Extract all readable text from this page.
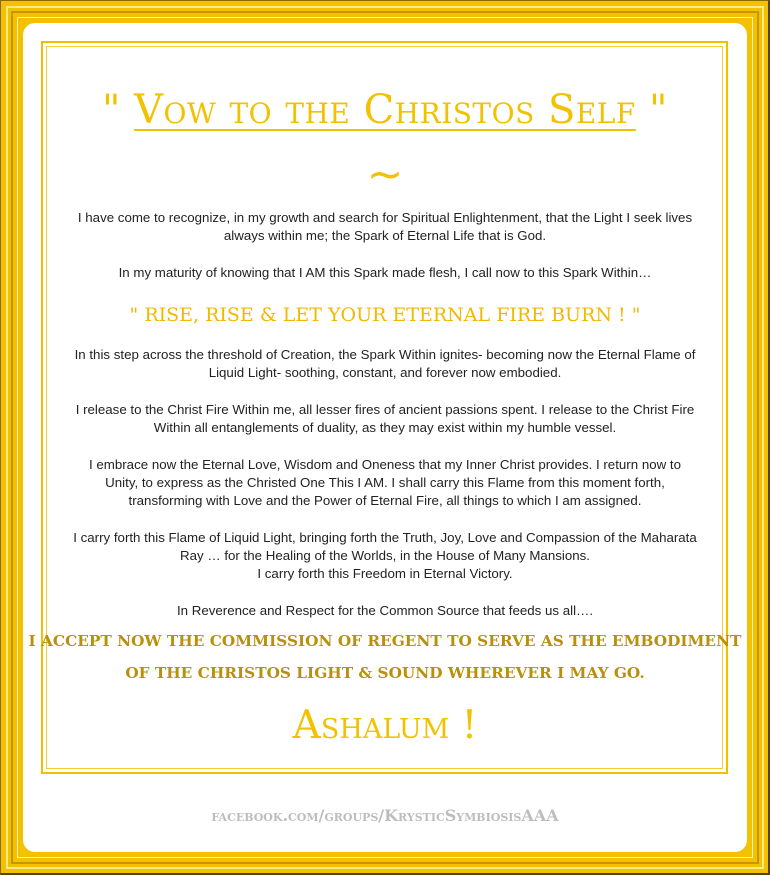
" Vow to the Christos Self "
~
I have come to recognize, in my growth and search for Spiritual Enlightenment, that the Light I seek lives
always within me; the Spark of Eternal Life that is God.
In my maturity of knowing that I AM this Spark made flesh, I call now to this Spark Within…
" RISE, RISE & LET YOUR ETERNAL FIRE BURN ! "
In this step across the threshold of Creation, the Spark Within ignites- becoming now the Eternal Flame of
Liquid Light- soothing, constant, and forever now embodied.
I release to the Christ Fire Within me, all lesser fires of ancient passions spent. I release to the Christ Fire
Within all entanglements of duality, as they may exist within my humble vessel.
I embrace now the Eternal Love, Wisdom and Oneness that my Inner Christ provides. I return now to
Unity, to express as the Christed One This I AM. I shall carry this Flame from this moment forth,
transforming with Love and the Power of Eternal Fire, all things to which I am assigned.
I carry forth this Flame of Liquid Light, bringing forth the Truth, Joy, Love and Compassion of the Maharata
Ray … for the Healing of the Worlds, in the House of Many Mansions.
I carry forth this Freedom in Eternal Victory.
In Reverence and Respect for the Common Source that feeds us all….
I ACCEPT NOW THE COMMISSION OF REGENT TO SERVE AS THE EMBODIMENT
OF THE CHRISTOS LIGHT & SOUND WHEREVER I MAY GO.
Ashalum !
facebook.com/groups/KrysticSymbiosisAAA
